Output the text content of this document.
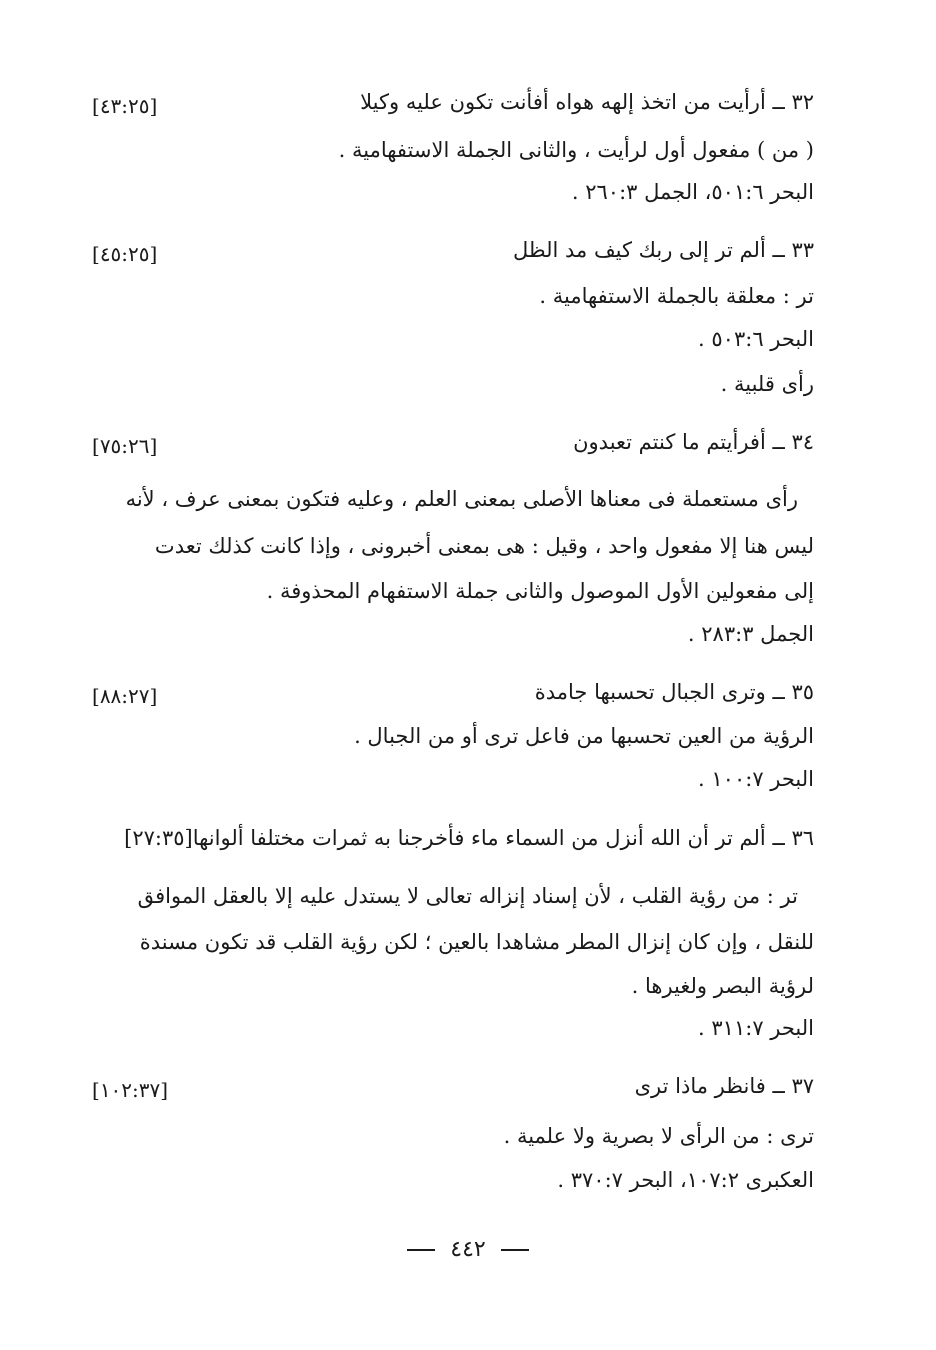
٣٢ ــ أرأيت من اتخذ إلهه هواه أفأنت تكون عليه وكيلا
[٤٣:٢٥]
( من ) مفعول أول لرأيت ، والثانى الجملة الاستفهامية .
البحر ٥٠١:٦، الجمل ٢٦٠:٣ .
٣٣ ــ ألم تر إلى ربك كيف مد الظل
[٤٥:٢٥]
تر : معلقة بالجملة الاستفهامية .
البحر ٥٠٣:٦ .
رأى قلبية .
٣٤ ــ أفرأيتم ما كنتم تعبدون
[٧٥:٢٦]
رأى مستعملة فى معناها الأصلى بمعنى العلم ، وعليه فتكون بمعنى عرف ، لأنه
ليس هنا إلا مفعول واحد ، وقيل : هى بمعنى أخبرونى ، وإذا كانت كذلك تعدت
إلى مفعولين الأول الموصول والثانى جملة الاستفهام المحذوفة .
الجمل ٢٨٣:٣ .
٣٥ ــ وترى الجبال تحسبها جامدة
[٨٨:٢٧]
الرؤية من العين تحسبها من فاعل ترى أو من الجبال .
البحر ١٠٠:٧ .
٣٦ ــ ألم تر أن الله أنزل من السماء ماء فأخرجنا به ثمرات مختلفا ألوانها[٢٧:٣٥]
تر : من رؤية القلب ، لأن إسناد إنزاله تعالى لا يستدل عليه إلا بالعقل الموافق
للنقل ، وإن كان إنزال المطر مشاهدا بالعين ؛ لكن رؤية القلب قد تكون مسندة
لرؤية البصر ولغيرها .
البحر ٣١١:٧ .
٣٧ ــ فانظر ماذا ترى
[١٠٢:٣٧]
ترى : من الرأى لا بصرية ولا علمية .
العكبرى ١٠٧:٢، البحر ٣٧٠:٧ .
٤٤٢
